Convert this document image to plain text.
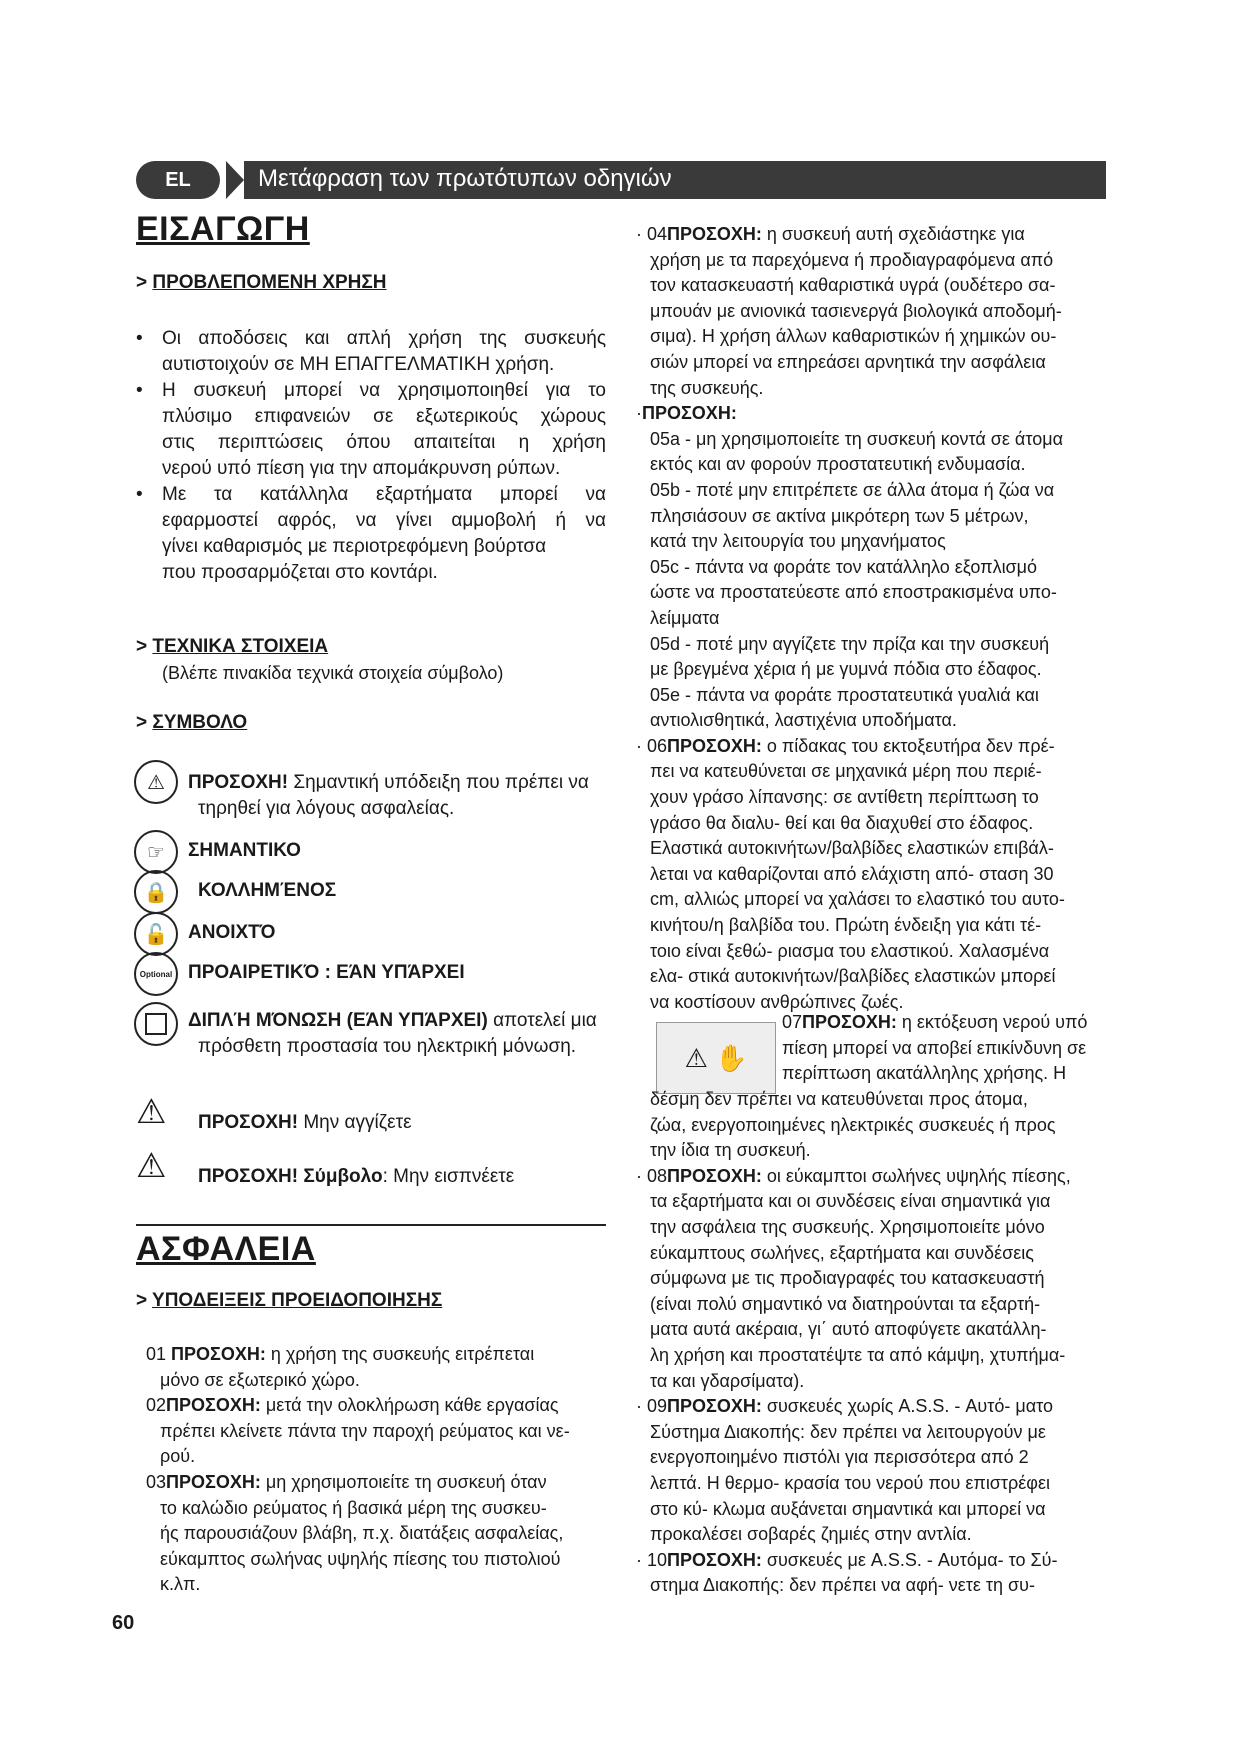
EL	Μετάφραση των πρωτότυπων οδηγιών
ΕΙΣΑΓΩΓΗ
> ΠΡΟΒΛΕΠΟΜΕΝΗ ΧΡΗΣΗ
• Οι αποδόσεις και απλή χρήση της συσκευής
αυτιστοιχούν σε ΜΗ ΕΠΑΓΓΕΛΜΑΤΙΚΗ χρήση.
• Η συσκευή μπορεί να χρησιμοποιηθεί για το
πλύσιμο επιφανειών σε εξωτερικούς χώρους
στις περιπτώσεις όπου απαιτείται η χρήση
νερού υπό πίεση για την απομάκρυνση ρύπων.
• Με τα κατάλληλα εξαρτήματα μπορεί να
εφαρμοστεί αφρός, να γίνει αμμοβολή ή να
γίνει καθαρισμός με περιοτρεφόμενη βούρτσα
που προσαρμόζεται στο κοντάρι.
> ΤΕΧΝΙΚΑ ΣΤΟΙΧΕΙΑ
(Βλέπε πινακίδα τεχνικά στοιχεία σύμβολο)
> ΣΥΜΒΟΛΟ
⚠	ΠΡΟΣΟΧΗ! Σημαντική υπόδειξη που πρέπει να
τηρηθεί για λόγους ασφαλείας.
☞	ΣΗΜΑΝΤΙΚΟ
🔒	ΚΟΛΛΗΜΈΝΟΣ
🔓	ΑΝΟΙΧΤΌ
Optional ΠΡΟΑΙΡΕΤΙΚΌ : ΕΆΝ ΥΠΆΡΧΕΙ
ΔΙΠΛΉ ΜΌΝΩΣΗ (ΕΆΝ ΥΠΆΡΧΕΙ) αποτελεί μια
πρόσθετη προστασία του ηλεκτρική μόνωση.
⚠ ΠΡΟΣΟΧΗ! Μην αγγίζετε
⚠ ΠΡΟΣΟΧΗ! Σύμβολο: Μην εισπνέετε
ΑΣΦΑΛΕΙΑ
> ΥΠΟΔΕΙΞΕΙΣ ΠΡΟΕΙΔΟΠΟΙΗΣΗΣ
01 ΠΡΟΣΟΧΗ: η χρήση της συσκευής ειτρέπεται
μόνο σε εξωτερικό χώρο.
02ΠΡΟΣΟΧΗ: μετά την ολοκλήρωση κάθε εργασίας
πρέπει κλείνετε πάντα την παροχή ρεύματος και νε-
ρού.
03ΠΡΟΣΟΧΗ: μη χρησιμοποιείτε τη συσκευή όταν
το καλώδιο ρεύματος ή βασικά μέρη της συσκευ-
ής παρουσιάζουν βλάβη, π.χ. διατάξεις ασφαλείας,
εύκαμπτος σωλήνας υψηλής πίεσης του πιστολιού
κ.λπ.
60
· 04ΠΡΟΣΟΧΗ: η συσκευή αυτή σχεδιάστηκε για
χρήση με τα παρεχόμενα ή προδιαγραφόμενα από
τον κατασκευαστή καθαριστικά υγρά (ουδέτερο σα-
μπουάν με ανιονικά τασιενεργά βιολογικά αποδομή-
σιμα). Η χρήση άλλων καθαριστικών ή χημικών ου-
σιών μπορεί να επηρεάσει αρνητικά την ασφάλεια
της συσκευής.
·ΠΡΟΣΟΧΗ:
05a - μη χρησιμοποιείτε τη συσκευή κοντά σε άτομα
εκτός και αν φορούν προστατευτική ενδυμασία.
05b - ποτέ μην επιτρέπετε σε άλλα άτομα ή ζώα να
πλησιάσουν σε ακτίνα μικρότερη των 5 μέτρων,
κατά την λειτουργία του μηχανήματος
05c - πάντα να φοράτε τον κατάλληλο εξοπλισμό
ώστε να προστατεύεστε από εποστρακισμένα υπο-
λείμματα
05d - ποτέ μην αγγίζετε την πρίζα και την συσκευή
με βρεγμένα χέρια ή με γυμνά πόδια στο έδαφος.
05e - πάντα να φοράτε προστατευτικά γυαλιά και
αντιολισθητικά, λαστιχένια υποδήματα.
· 06ΠΡΟΣΟΧΗ: ο πίδακας του εκτοξευτήρα δεν πρέ-
πει να κατευθύνεται σε μηχανικά μέρη που περιέ-
χουν γράσο λίπανσης: σε αντίθετη περίπτωση το
γράσο θα διαλυ- θεί και θα διαχυθεί στο έδαφος.
Ελαστικά αυτοκινήτων/βαλβίδες ελαστικών επιβάλ-
λεται να καθαρίζονται από ελάχιστη από- σταση 30
cm, αλλιώς μπορεί να χαλάσει το ελαστικό του αυτο-
κινήτου/η βαλβίδα του. Πρώτη ένδειξη για κάτι τέ-
τοιο είναι ξεθώ- ριασμα του ελαστικού. Χαλασμένα
ελα- στικά αυτοκινήτων/βαλβίδες ελαστικών μπορεί
να κοστίσουν ανθρώπινες ζωές.
⚠ ✋
07ΠΡΟΣΟΧΗ: η εκτόξευση νερού υπό
πίεση μπορεί να αποβεί επικίνδυνη σε
περίπτωση ακατάλληλης χρήσης. Η
δέσμη δεν πρέπει να κατευθύνεται προς άτομα,
ζώα, ενεργοποιημένες ηλεκτρικές συσκευές ή προς
την ίδια τη συσκευή.
· 08ΠΡΟΣΟΧΗ: οι εύκαμπτοι σωλήνες υψηλής πίεσης,
τα εξαρτήματα και οι συνδέσεις είναι σημαντικά για
την ασφάλεια της συσκευής. Χρησιμοποιείτε μόνο
εύκαμπτους σωλήνες, εξαρτήματα και συνδέσεις
σύμφωνα με τις προδιαγραφές του κατασκευαστή
(είναι πολύ σημαντικό να διατηρούνται τα εξαρτή-
ματα αυτά ακέραια, γι΄ αυτό αποφύγετε ακατάλλη-
λη χρήση και προστατέψτε τα από κάμψη, χτυπήμα-
τα και γδαρσίματα).
· 09ΠΡΟΣΟΧΗ: συσκευές χωρίς A.S.S. - Αυτό- ματο
Σύστημα Διακοπής: δεν πρέπει να λειτουργούν με
ενεργοποιημένο πιστόλι για περισσότερα από 2
λεπτά. Η θερμο- κρασία του νερού που επιστρέφει
στο κύ- κλωμα αυξάνεται σημαντικά και μπορεί να
προκαλέσει σοβαρές ζημιές στην αντλία.
· 10ΠΡΟΣΟΧΗ: συσκευές με A.S.S. - Αυτόμα- το Σύ-
στημα Διακοπής: δεν πρέπει να αφή- νετε τη συ-
